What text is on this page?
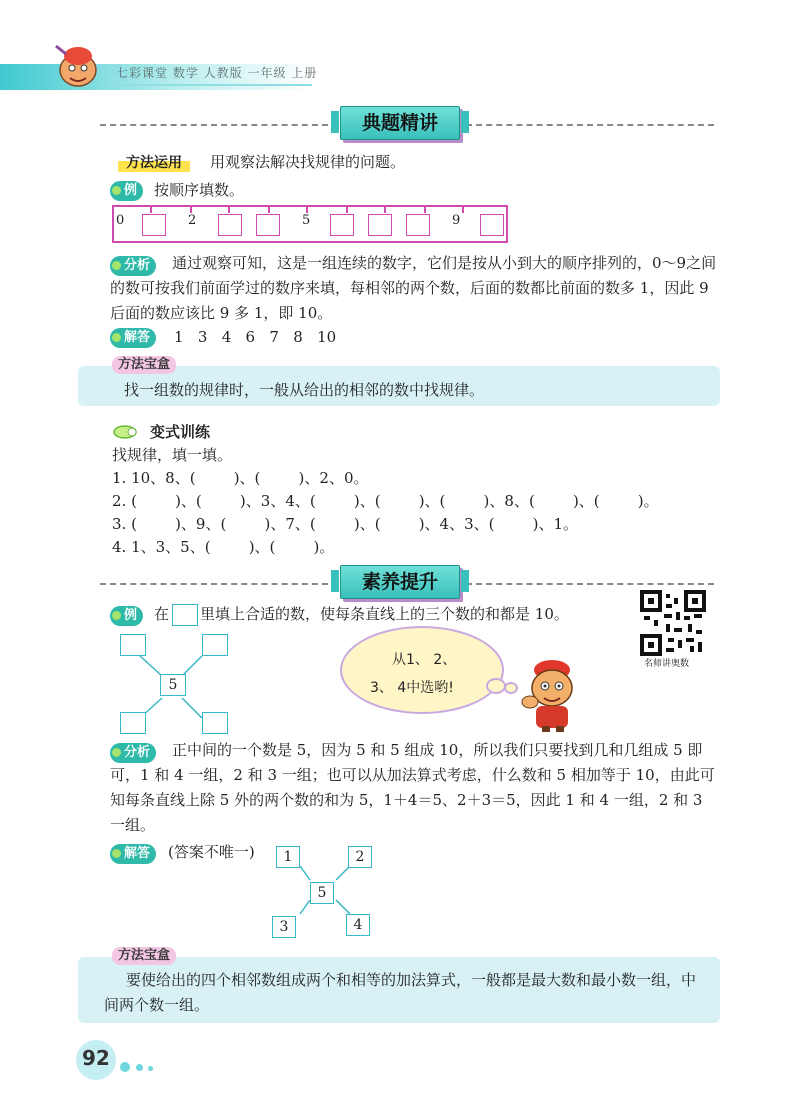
七彩课堂 数学 人教版 一年级 上册
典题精讲
方法运用	用观察法解决找规律的问题。
例	按顺序填数。
0	2	5	9
分析	通过观察可知，这是一组连续的数字，它们是按从小到大的顺序排列的，0～9之间的数可按我们前面学过的数序来填，每相邻的两个数，后面的数都比前面的数多 1，因此 9 后面的数应该比 9 多 1，即 10。
解答	1   3   4   6   7   8   10
方法宝盒
找一组数的规律时，一般从给出的相邻的数中找规律。
变式训练
找规律，填一填。
1. 10、8、(        )、(        )、2、0。
2. (        )、(        )、3、4、(        )、(        )、(        )、8、(        )、(        )。
3. (        )、9、(        )、7、(        )、(        )、4、3、(        )、1。
4. 1、3、5、(        )、(        )。
素养提升
例	在 里填上合适的数，使每条直线上的三个数的和都是 10。
名师讲奥数
5
从1、 2、
3、 4中选哟!
分析	正中间的一个数是 5，因为 5 和 5 组成 10，所以我们只要找到几和几组成 5 即可，1 和 4 一组，2 和 3 一组；也可以从加法算式考虑，什么数和 5 相加等于 10，由此可知每条直线上除 5 外的两个数的和为 5，1＋4＝5、2＋3＝5，因此 1 和 4 一组，2 和 3 一组。
解答	(答案不唯一)	1	2
5
3	4
方法宝盒
要使给出的四个相邻数组成两个和相等的加法算式，一般都是最大数和最小数一组，中间两个数一组。
92
